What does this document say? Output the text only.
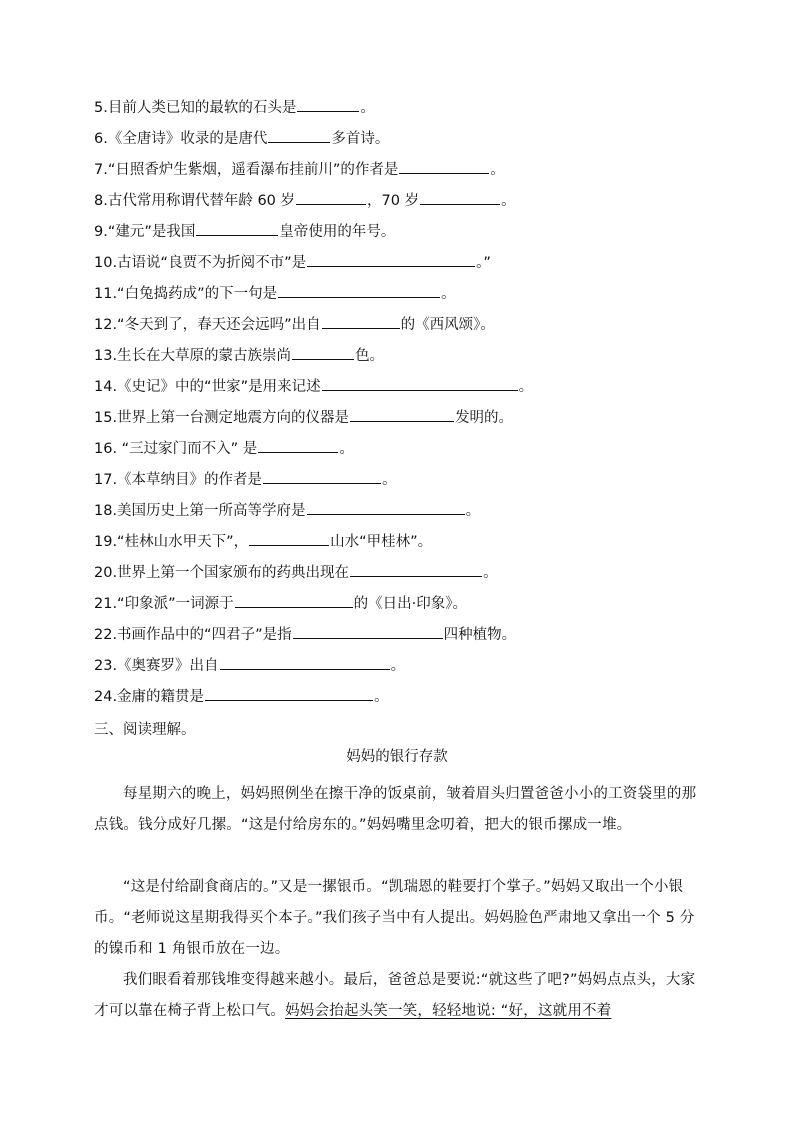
5.目前人类已知的最软的石头是	。
6.《全唐诗》收录的是唐代	多首诗。
7.“日照香炉生紫烟，遥看瀑布挂前川”的作者是	。
8.古代常用称谓代替年龄 60 岁	，70 岁	。
9.“建元”是我国	皇帝使用的年号。
10.古语说“良贾不为折阅不市”是	。”
11.“白兔捣药成”的下一句是	。
12.“冬天到了，春天还会远吗”出自	的《西风颂》。
13.生长在大草原的蒙古族崇尚	色。
14.《史记》中的“世家”是用来记述	。
15.世界上第一台测定地震方向的仪器是	发明的。
16. “三过家门而不入” 是	。
17.《本草纳目》的作者是	。
18.美国历史上第一所高等学府是	。
19.“桂林山水甲天下”，	山水“甲桂林”。
20.世界上第一个国家颁布的药典出现在	。
21.“印象派”一词源于	的《日出·印象》。
22.书画作品中的“四君子”是指	四种植物。
23.《奥赛罗》出自	。
24.金庸的籍贯是	。
三、阅读理解。
妈妈的银行存款
每星期六的晚上，妈妈照例坐在擦干净的饭桌前，皱着眉头归置爸爸小小的工资袋里的那点钱。钱分成好几摞。“这是付给房东的。”妈妈嘴里念叨着，把大的银币摞成一堆。
“这是付给副食商店的。”又是一摞银币。“凯瑞恩的鞋要打个掌子。”妈妈又取出一个小银币。“老师说这星期我得买个本子。”我们孩子当中有人提出。妈妈脸色严肃地又拿出一个 5 分的镍币和 1 角银币放在一边。
我们眼看着那钱堆变得越来越小。最后，爸爸总是要说:“就这些了吧?”妈妈点点头，大家才可以靠在椅子背上松口气。妈妈会抬起头笑一笑，轻轻地说: “好，这就用不着
